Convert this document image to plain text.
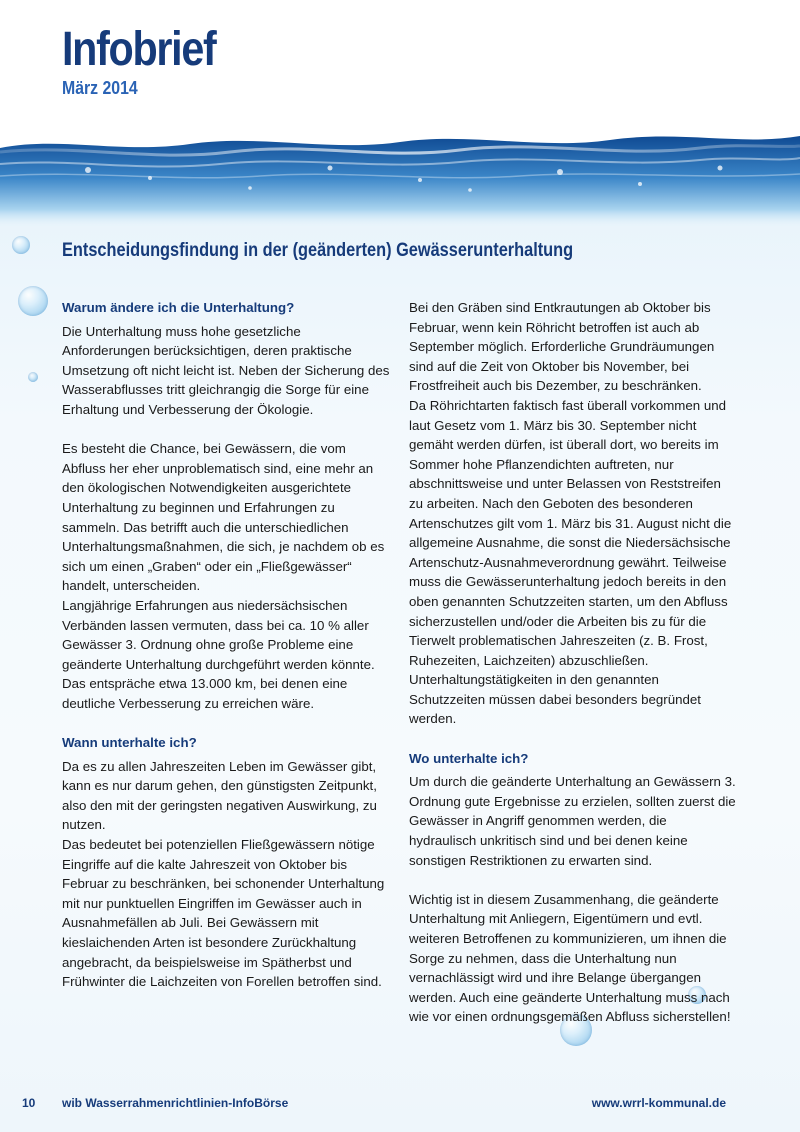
Infobrief
März 2014
Entscheidungsfindung in der (geänderten) Gewässerunterhaltung
Warum ändere ich die Unterhaltung?

Die Unterhaltung muss hohe gesetzliche Anforderungen berücksichtigen, deren praktische Umsetzung oft nicht leicht ist. Neben der Sicherung des Wasserabflusses tritt gleichrangig die Sorge für eine Erhaltung und Verbesserung der Ökologie.

Es besteht die Chance, bei Gewässern, die vom Abfluss her eher unproblematisch sind, eine mehr an den ökologischen Notwendigkeiten ausgerichtete Unterhaltung zu beginnen und Erfahrungen zu sammeln. Das betrifft auch die unterschiedlichen Unterhaltungsmaßnahmen, die sich, je nachdem ob es sich um einen „Graben“ oder ein „Fließgewässer“ handelt, unterscheiden.

Langjährige Erfahrungen aus niedersächsischen Verbänden lassen vermuten, dass bei ca. 10 % aller Gewässer 3. Ordnung ohne große Probleme eine geänderte Unterhaltung durchgeführt werden könnte. Das entspräche etwa 13.000 km, bei denen eine deutliche Verbesserung zu erreichen wäre.

Wann unterhalte ich?

Da es zu allen Jahreszeiten Leben im Gewässer gibt, kann es nur darum gehen, den günstigsten Zeitpunkt, also den mit der geringsten negativen Auswirkung, zu nutzen.

Das bedeutet bei potenziellen Fließgewässern nötige Eingriffe auf die kalte Jahreszeit von Oktober bis Februar zu beschränken, bei schonender Unterhaltung mit nur punktuellen Eingriffen im Gewässer auch in Ausnahmefällen ab Juli. Bei Gewässern mit kieslaichenden Arten ist besondere Zurückhaltung angebracht, da beispielsweise im Spätherbst und Frühwinter die Laichzeiten von Forellen betroffen sind.

Bei den Gräben sind Entkrautungen ab Oktober bis Februar, wenn kein Röhricht betroffen ist auch ab September möglich. Erforderliche Grundräumungen sind auf die Zeit von Oktober bis November, bei Frostfreiheit auch bis Dezember, zu beschränken.

Da Röhrichtarten faktisch fast überall vorkommen und laut Gesetz vom 1. März bis 30. September nicht gemäht werden dürfen, ist überall dort, wo bereits im Sommer hohe Pflanzendichten auftreten, nur abschnittsweise und unter Belassen von Reststreifen zu arbeiten. Nach den Geboten des besonderen Artenschutzes gilt vom 1. März bis 31. August nicht die allgemeine Ausnahme, die sonst die Niedersächsische Artenschutz-Ausnahmeverordnung gewährt. Teilweise muss die Gewässerunterhaltung jedoch bereits in den oben genannten Schutzzeiten starten, um den Abfluss sicherzustellen und/oder die Arbeiten bis zu für die Tierwelt problematischen Jahreszeiten (z. B. Frost, Ruhezeiten, Laichzeiten) abzuschließen. Unterhaltungstätigkeiten in den genannten Schutzzeiten müssen dabei besonders begründet werden.

Wo unterhalte ich?

Um durch die geänderte Unterhaltung an Gewässern 3. Ordnung gute Ergebnisse zu erzielen, sollten zuerst die Gewässer in Angriff genommen werden, die hydraulisch unkritisch sind und bei denen keine sonstigen Restriktionen zu erwarten sind.

Wichtig ist in diesem Zusammenhang, die geänderte Unterhaltung mit Anliegern, Eigentümern und evtl. weiteren Betroffenen zu kommunizieren, um ihnen die Sorge zu nehmen, dass die Unterhaltung nun vernachlässigt wird und ihre Belange übergangen werden. Auch eine geänderte Unterhaltung muss nach wie vor einen ordnungsgemäßen Abfluss sicherstellen!

10 wib Wasserrahmenrichtlinien-InfoBörse	www.wrrl-kommunal.de
